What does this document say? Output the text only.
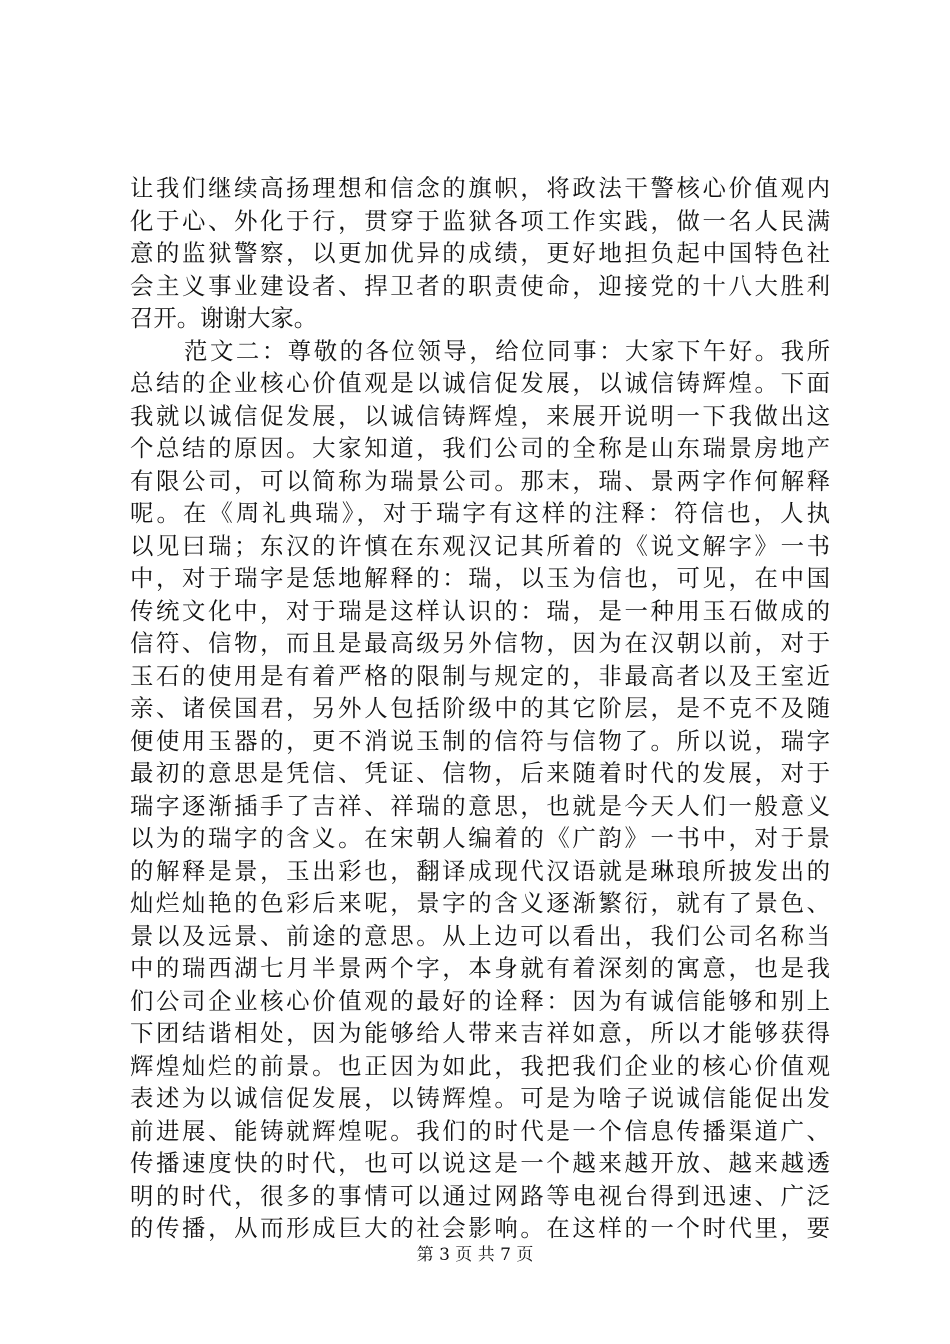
让我们继续高扬理想和信念的旗帜，将政法干警核心价值观内
化于心、外化于行，贯穿于监狱各项工作实践，做一名人民满
意的监狱警察，以更加优异的成绩，更好地担负起中国特色社
会主义事业建设者、捍卫者的职责使命，迎接党的十八大胜利
召开。谢谢大家。
范文二：尊敬的各位领导，给位同事：大家下午好。我所
总结的企业核心价值观是以诚信促发展，以诚信铸辉煌。下面
我就以诚信促发展，以诚信铸辉煌，来展开说明一下我做出这
个总结的原因。大家知道，我们公司的全称是山东瑞景房地产
有限公司，可以简称为瑞景公司。那末，瑞、景两字作何解释
呢。在《周礼典瑞》，对于瑞字有这样的注释：符信也，人执
以见曰瑞；东汉的许慎在东观汉记其所着的《说文解字》一书
中，对于瑞字是恁地解释的：瑞，以玉为信也，可见，在中国
传统文化中，对于瑞是这样认识的：瑞，是一种用玉石做成的
信符、信物，而且是最高级另外信物，因为在汉朝以前，对于
玉石的使用是有着严格的限制与规定的，非最高者以及王室近
亲、诸侯国君，另外人包括阶级中的其它阶层，是不克不及随
便使用玉器的，更不消说玉制的信符与信物了。所以说，瑞字
最初的意思是凭信、凭证、信物，后来随着时代的发展，对于
瑞字逐渐插手了吉祥、祥瑞的意思，也就是今天人们一般意义
以为的瑞字的含义。在宋朝人编着的《广韵》一书中，对于景
的解释是景，玉出彩也，翻译成现代汉语就是琳琅所披发出的
灿烂灿艳的色彩后来呢，景字的含义逐渐繁衍，就有了景色、
景以及远景、前途的意思。从上边可以看出，我们公司名称当
中的瑞西湖七月半景两个字，本身就有着深刻的寓意，也是我
们公司企业核心价值观的最好的诠释：因为有诚信能够和别上
下团结谐相处，因为能够给人带来吉祥如意，所以才能够获得
辉煌灿烂的前景。也正因为如此，我把我们企业的核心价值观
表述为以诚信促发展，以铸辉煌。可是为啥子说诚信能促出发
前进展、能铸就辉煌呢。我们的时代是一个信息传播渠道广、
传播速度快的时代，也可以说这是一个越来越开放、越来越透
明的时代，很多的事情可以通过网路等电视台得到迅速、广泛
的传播，从而形成巨大的社会影响。在这样的一个时代里，要
第 3 页 共 7 页
